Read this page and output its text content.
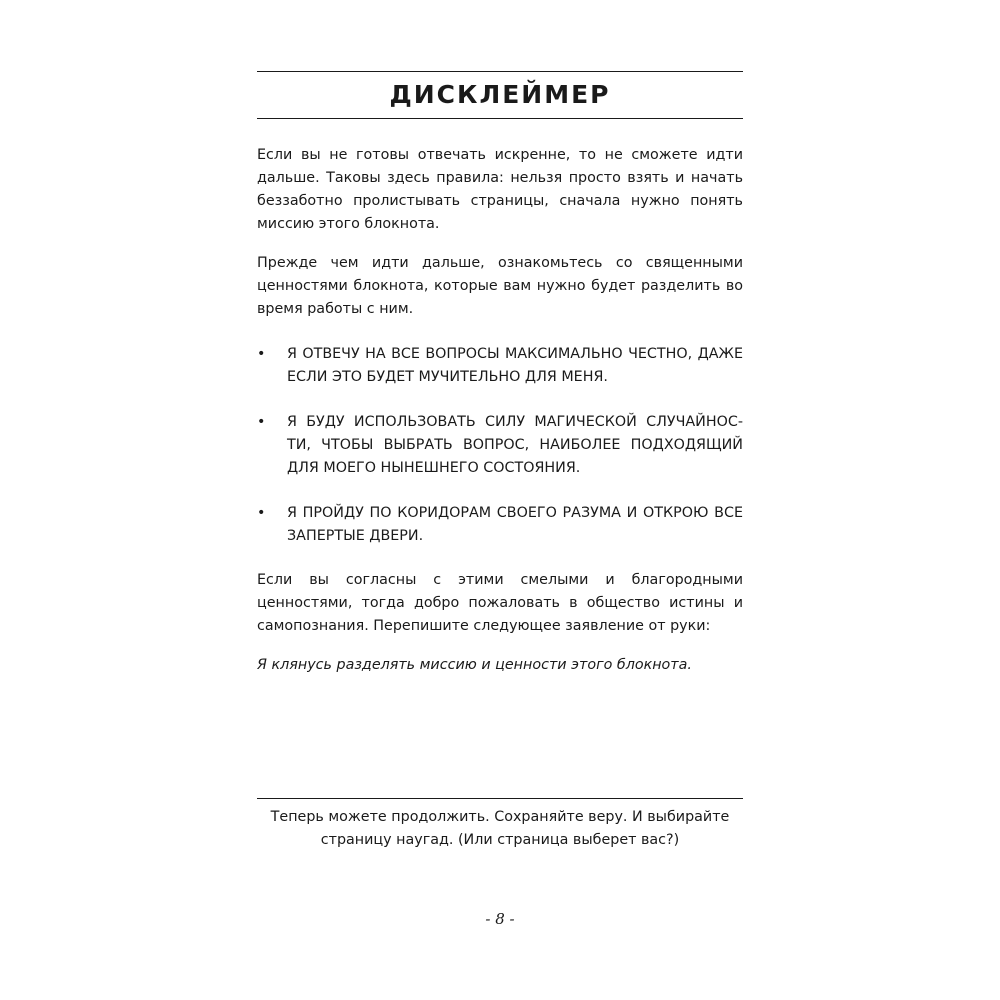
ДИСКЛЕЙМЕР

Если вы не готовы отвечать искренне, то не сможете идти дальше. Таковы здесь правила: нельзя просто взять и начать беззаботно пролистывать страницы, сначала нужно понять миссию этого блокнота.

Прежде чем идти дальше, ознакомьтесь со священными ценностями блокнота, которые вам нужно будет разделить во время работы с ним.

• Я ОТВЕЧУ НА ВСЕ ВОПРОСЫ МАКСИМАЛЬНО ЧЕСТНО, ДАЖЕ ЕСЛИ ЭТО БУДЕТ МУЧИТЕЛЬНО ДЛЯ МЕНЯ.
• Я БУДУ ИСПОЛЬЗОВАТЬ СИЛУ МАГИЧЕСКОЙ СЛУЧАЙНОС-ТИ, ЧТОБЫ ВЫБРАТЬ ВОПРОС, НАИБОЛЕЕ ПОДХОДЯЩИЙ ДЛЯ МОЕГО НЫНЕШНЕГО СОСТОЯНИЯ.
• Я ПРОЙДУ ПО КОРИДОРАМ СВОЕГО РАЗУМА И ОТКРОЮ ВСЕ ЗАПЕРТЫЕ ДВЕРИ.

Если вы согласны с этими смелыми и благородными ценностями, тогда добро пожаловать в общество истины и самопознания. Перепишите следующее заявление от руки:

Я клянусь разделять миссию и ценности этого блокнота.

Теперь можете продолжить. Сохраняйте веру. И выбирайте
страницу наугад. (Или страница выберет вас?)

- 8 -
